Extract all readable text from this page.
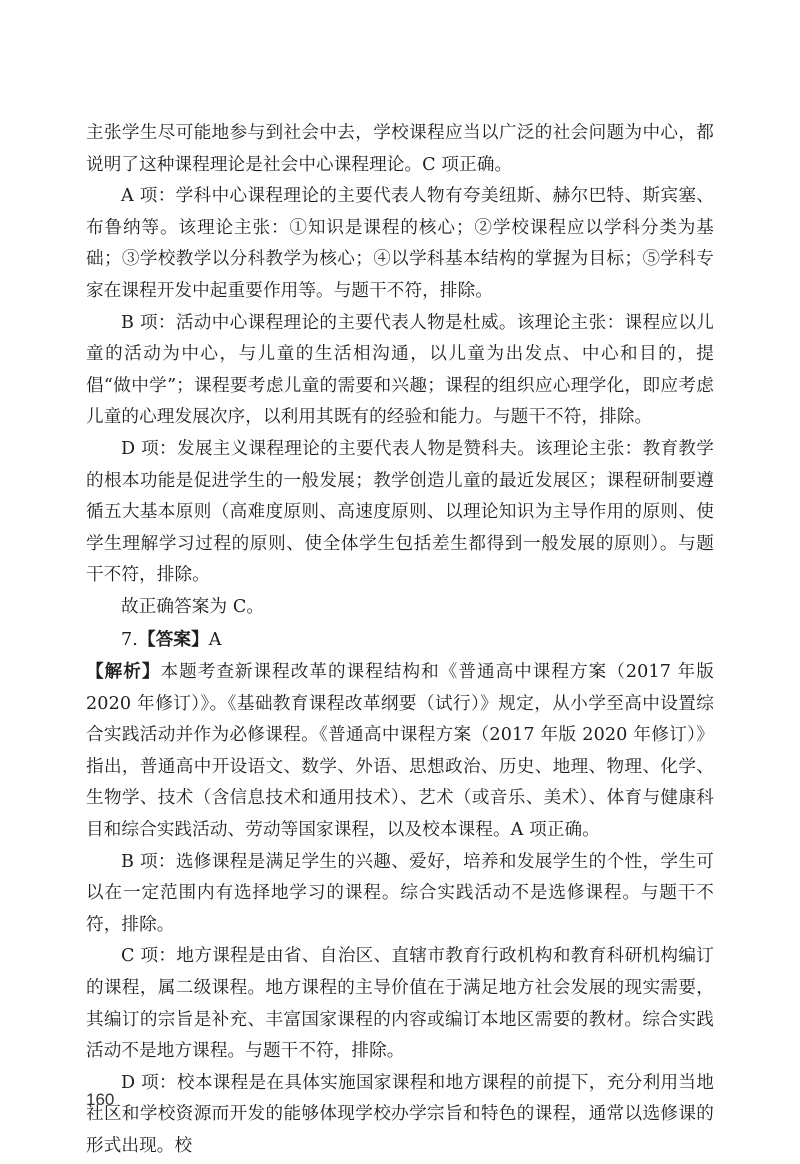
主张学生尽可能地参与到社会中去，学校课程应当以广泛的社会问题为中心，都说明了这种课程理论是社会中心课程理论。C 项正确。

A 项：学科中心课程理论的主要代表人物有夸美纽斯、赫尔巴特、斯宾塞、布鲁纳等。该理论主张：①知识是课程的核心；②学校课程应以学科分类为基础；③学校教学以分科教学为核心；④以学科基本结构的掌握为目标；⑤学科专家在课程开发中起重要作用等。与题干不符，排除。

B 项：活动中心课程理论的主要代表人物是杜威。该理论主张：课程应以儿童的活动为中心，与儿童的生活相沟通，以儿童为出发点、中心和目的，提倡“做中学”；课程要考虑儿童的需要和兴趣；课程的组织应心理学化，即应考虑儿童的心理发展次序，以利用其既有的经验和能力。与题干不符，排除。

D 项：发展主义课程理论的主要代表人物是赞科夫。该理论主张：教育教学的根本功能是促进学生的一般发展；教学创造儿童的最近发展区；课程研制要遵循五大基本原则（高难度原则、高速度原则、以理论知识为主导作用的原则、使学生理解学习过程的原则、使全体学生包括差生都得到一般发展的原则）。与题干不符，排除。

故正确答案为 C。

7.【答案】A

【解析】本题考查新课程改革的课程结构和《普通高中课程方案（2017 年版 2020 年修订）》。《基础教育课程改革纲要（试行）》规定，从小学至高中设置综合实践活动并作为必修课程。《普通高中课程方案（2017 年版 2020 年修订）》指出，普通高中开设语文、数学、外语、思想政治、历史、地理、物理、化学、生物学、技术（含信息技术和通用技术）、艺术（或音乐、美术）、体育与健康科目和综合实践活动、劳动等国家课程，以及校本课程。A 项正确。

B 项：选修课程是满足学生的兴趣、爱好，培养和发展学生的个性，学生可以在一定范围内有选择地学习的课程。综合实践活动不是选修课程。与题干不符，排除。

C 项：地方课程是由省、自治区、直辖市教育行政机构和教育科研机构编订的课程，属二级课程。地方课程的主导价值在于满足地方社会发展的现实需要，其编订的宗旨是补充、丰富国家课程的内容或编订本地区需要的教材。综合实践活动不是地方课程。与题干不符，排除。

D 项：校本课程是在具体实施国家课程和地方课程的前提下，充分利用当地社区和学校资源而开发的能够体现学校办学宗旨和特色的课程，通常以选修课的形式出现。校

160
